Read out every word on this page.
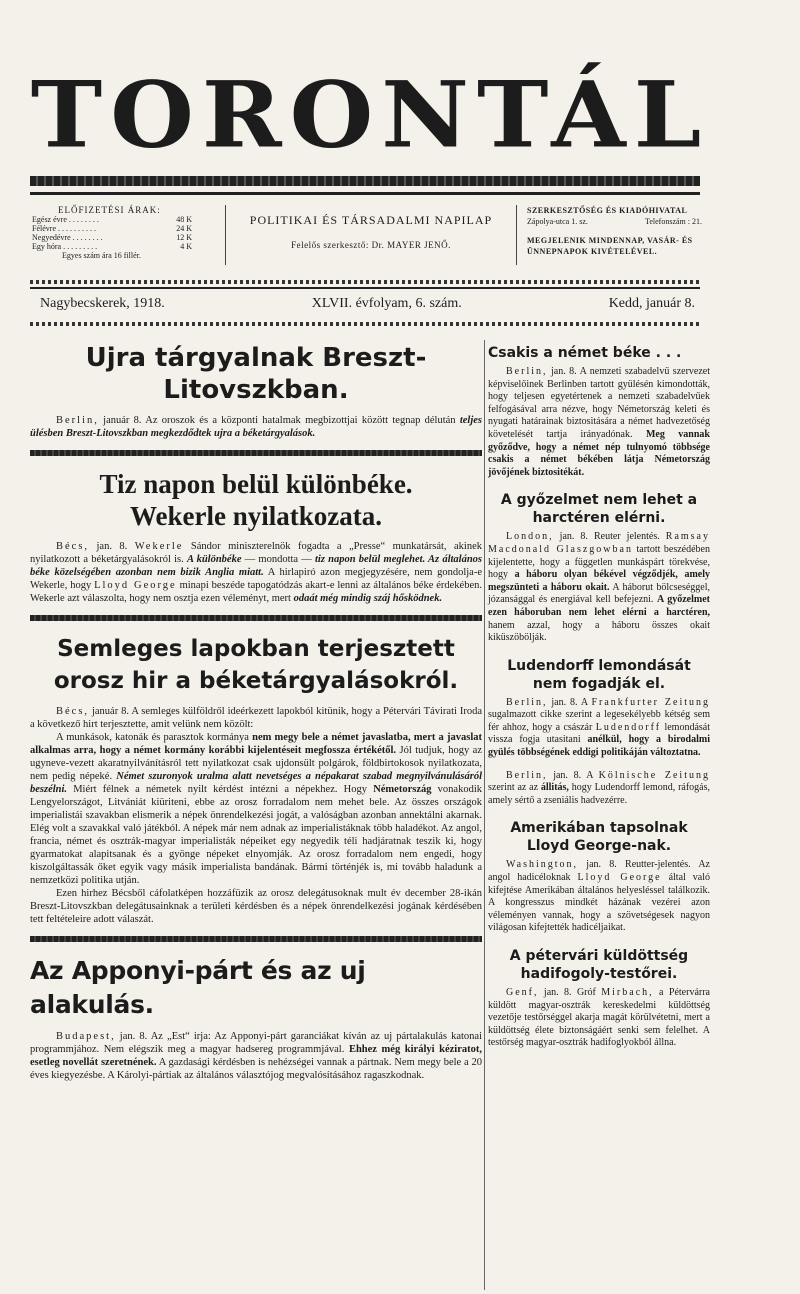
TORONTÁL
ELŐFIZETÉSI ÁRAK:
Egész évre . . . . . . . .	48 K
Félévre . . . . . . . . . .	24 K
Negyedévre . . . . . . . .	12 K
Egy hóra . . . . . . . . .	4 K
Egyes szám ára 16 fillér.
POLITIKAI ÉS TÁRSADALMI NAPILAP
Felelős szerkesztő: Dr. MAYER JENŐ.
SZERKESZTŐSÉG ÉS KIADÓHIVATAL
Zápolya-utca 1. sz.	Telefonszám : 21.
MEGJELENIK MINDENNAP, VASÁR- ÉS ÜNNEPNAPOK KIVÉTELÉVEL.
Nagybecskerek, 1918.	XLVII. évfolyam, 6. szám.	Kedd, január 8.
Ujra tárgyalnak Breszt-Litovszkban.

Berlin, január 8. Az oroszok és a központi hatalmak megbizottjai között tegnap délután teljes ülésben Breszt-Litovszkban megkezdődtek ujra a béketárgyalások.

Tiz napon belül különbéke.
Wekerle nyilatkozata.

Bécs, jan. 8. Wekerle Sándor miniszterelnök fogadta a „Presse“ munkatársát, akinek nyilatkozott a béketárgyalásokról is. A különbéke — mondotta — tiz napon belül meglehet. Az általános béke közelségében azonban nem bizik Anglia miatt. A hirlapiró azon megjegyzésére, nem gondolja-e Wekerle, hogy Lloyd George minapi beszéde tapogatódzás akart-e lenni az általános béke érdekében. Wekerle azt válaszolta, hogy nem osztja ezen véleményt, mert odaát még mindig száj hősködnek.

Semleges lapokban terjesztett
orosz hir a béketárgyalásokról.

Bécs, január 8. A semleges külföldről ideérkezett lapokból kitünik, hogy a Pétervári Távirati Iroda a következő hirt terjesztette, amit velünk nem közölt:

A munkások, katonák és parasztok kormánya nem megy bele a német javaslatba, mert a javaslat alkalmas arra, hogy a német kormány korábbi kijelentéseit megfossza értékétől. Jól tudjuk, hogy az ugyneve-vezett akaratnyilvánításról tett nyilatkozat csak ujdonsült polgárok, földbirtokosok nyilatkozata, nem pedig népeké. Német szuronyok uralma alatt nevetséges a népakarat szabad megnyilvánulásáról beszélni. Miért félnek a németek nyilt kérdést intézni a népekhez. Hogy Németország vonakodik Lengyelországot, Litvániát kiüriteni, ebbe az orosz forradalom nem mehet bele. Az összes országok imperialistái szavakban elismerik a népek önrendelkezési jogát, a valóságban azonban annektálni akarnak. Elég volt a szavakkal való játékból. A népek már nem adnak az imperialistáknak több haladékot. Az angol, francia, német és osztrák-magyar imperialisták népeiket egy negyedik téli hadjáratnak teszik ki, hogy gyarmatokat alapitsanak és a gyönge népeket elnyomják. Az orosz forradalom nem engedi, hogy kiszolgáltassák őket egyik vagy másik imperialista bandának. Bármi történjék is, mi tovább haladunk a nemzetközi politika utján.

Ezen hirhez Bécsből cáfolatképen hozzáfüzik az orosz delegátusoknak mult év december 28-ikán Breszt-Litovszkban delegátusainknak a területi kérdésben és a népek önrendelkezési jogának kérdésében tett feltételeire adott válaszát.

Az Apponyi-párt és az uj alakulás.

Budapest, jan. 8. Az „Est“ irja: Az Apponyi-párt garanciákat kíván az uj pártalakulás katonai programmjához. Nem elégszik meg a magyar hadsereg programmjával. Ehhez még királyi kéziratot, esetleg novellát szeretnének. A gazdasági kérdésben is nehézségei vannak a pártnak. Nem megy bele a 20 éves kiegyezésbe. A Károlyi-pártiak az általános választójog megvalósításához ragaszkodnak.

Csakis a német béke . . .

Berlin, jan. 8. A nemzeti szabadelvű szervezet képviselőinek Berlinben tartott gyülésén kimondották, hogy teljesen egyetértenek a nemzeti szabadelvűek felfogásával arra nézve, hogy Németország keleti és nyugati határainak biztositására a német hadvezetőség követelését tartja irányadónak. Meg vannak győződve, hogy a német nép tulnyomó többsége csakis a német békében látja Németország jövőjének biztositékát.

A győzelmet nem lehet a harctéren elérni.

London, jan. 8. Reuter jelentés. Ramsay Macdonald Glaszgowban tartott beszédében kijelentette, hogy a független munkáspárt törekvése, hogy a háboru olyan békével végződjék, amely megszünteti a háboru okait. A háborut bölcseséggel, józansággal és energiával kell befejezni. A győzelmet ezen háboruban nem lehet elérni a harctéren, hanem azzal, hogy a háboru összes okait kiküszöbölják.

Ludendorff lemondását nem fogadják el.

Berlin, jan. 8. A Frankfurter Zeitung sugalmazott cikke szerint a legesekélyebb kétség sem fér ahhoz, hogy a császár Ludendorff lemondását vissza fogja utasitani anélkül, hogy a birodalmi gyülés többségének eddigi politikáján változtatna.

Berlin, jan. 8. A Kölnische Zeitung szerint az az állitás, hogy Ludendorff lemond, ráfogás, amely sértő a zseniális hadvezérre.

Amerikában tapsolnak Lloyd George-nak.

Washington, jan. 8. Reutter-jelentés. Az angol hadicéloknak Lloyd George által való kifejtése Amerikában általános helyesléssel találkozik. A kongresszus mindkét házának vezérei azon véleményen vannak, hogy a szövetségesek nagyon világosan kifejtették hadicéljaikat.

A pétervári küldöttség hadifogoly-testőrei.

Genf, jan. 8. Gróf Mirbach, a Pétervárra küldött magyar-osztrák kereskedelmi küldöttség vezetője testőrséggel akarja magát körülvétetni, mert a küldöttség élete biztonságáért senki sem felelhet. A testőrség magyar-osztrák hadifoglyokból állna.
